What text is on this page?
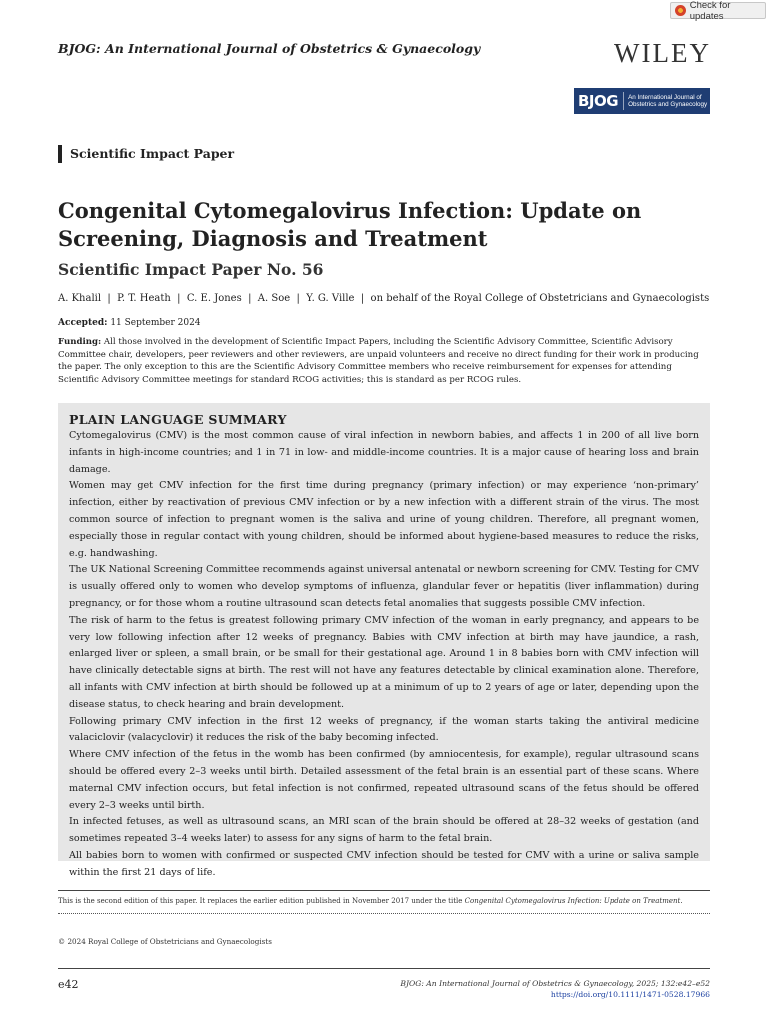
Check for updates
BJOG: An International Journal of Obstetrics & Gynaecology	WILEY
BJOG	An International Journal of
Obstetrics and Gynaecology
Scientific Impact Paper
Congenital Cytomegalovirus Infection: Update on Screening, Diagnosis and Treatment
Scientific Impact Paper No. 56
A. Khalil  |  P. T. Heath  |  C. E. Jones  |  A. Soe  |  Y. G. Ville  |  on behalf of the Royal College of Obstetricians and Gynaecologists
Accepted: 11 September 2024
Funding: All those involved in the development of Scientific Impact Papers, including the Scientific Advisory Committee, Scientific Advisory Committee chair, developers, peer reviewers and other reviewers, are unpaid volunteers and receive no direct funding for their work in producing the paper. The only exception to this are the Scientific Advisory Committee members who receive reimbursement for expenses for attending Scientific Advisory Committee meetings for standard RCOG activities; this is standard as per RCOG rules.
PLAIN LANGUAGE SUMMARY

Cytomegalovirus (CMV) is the most common cause of viral infection in newborn babies, and affects 1 in 200 of all live born infants in high-income countries; and 1 in 71 in low- and middle-income countries. It is a major cause of hearing loss and brain damage.

Women may get CMV infection for the first time during pregnancy (primary infection) or may experience ‘non-primary’ infection, either by reactivation of previous CMV infection or by a new infection with a different strain of the virus. The most common source of infection to pregnant women is the saliva and urine of young children. Therefore, all pregnant women, especially those in regular contact with young children, should be informed about hygiene-based measures to reduce the risks, e.g. handwashing.

The UK National Screening Committee recommends against universal antenatal or newborn screening for CMV. Testing for CMV is usually offered only to women who develop symptoms of influenza, glandular fever or hepatitis (liver inflammation) during pregnancy, or for those whom a routine ultrasound scan detects fetal anomalies that suggests possible CMV infection.

The risk of harm to the fetus is greatest following primary CMV infection of the woman in early pregnancy, and appears to be very low following infection after 12 weeks of pregnancy. Babies with CMV infection at birth may have jaundice, a rash, enlarged liver or spleen, a small brain, or be small for their gestational age. Around 1 in 8 babies born with CMV infection will have clinically detectable signs at birth. The rest will not have any features detectable by clinical examination alone. Therefore, all infants with CMV infection at birth should be followed up at a minimum of up to 2 years of age or later, depending upon the disease status, to check hearing and brain development.

Following primary CMV infection in the first 12 weeks of pregnancy, if the woman starts taking the antiviral medicine valaciclovir (valacyclovir) it reduces the risk of the baby becoming infected.

Where CMV infection of the fetus in the womb has been confirmed (by amniocentesis, for example), regular ultrasound scans should be offered every 2–3 weeks until birth. Detailed assessment of the fetal brain is an essential part of these scans. Where maternal CMV infection occurs, but fetal infection is not confirmed, repeated ultrasound scans of the fetus should be offered every 2–3 weeks until birth.

In infected fetuses, as well as ultrasound scans, an MRI scan of the brain should be offered at 28–32 weeks of gestation (and sometimes repeated 3–4 weeks later) to assess for any signs of harm to the fetal brain.

All babies born to women with confirmed or suspected CMV infection should be tested for CMV with a urine or saliva sample within the first 21 days of life.

This is the second edition of this paper. It replaces the earlier edition published in November 2017 under the title Congenital Cytomegalovirus Infection: Update on Treatment.
© 2024 Royal College of Obstetricians and Gynaecologists
e42	BJOG: An International Journal of Obstetrics & Gynaecology, 2025; 132:e42–e52
https://doi.org/10.1111/1471-0528.17966
